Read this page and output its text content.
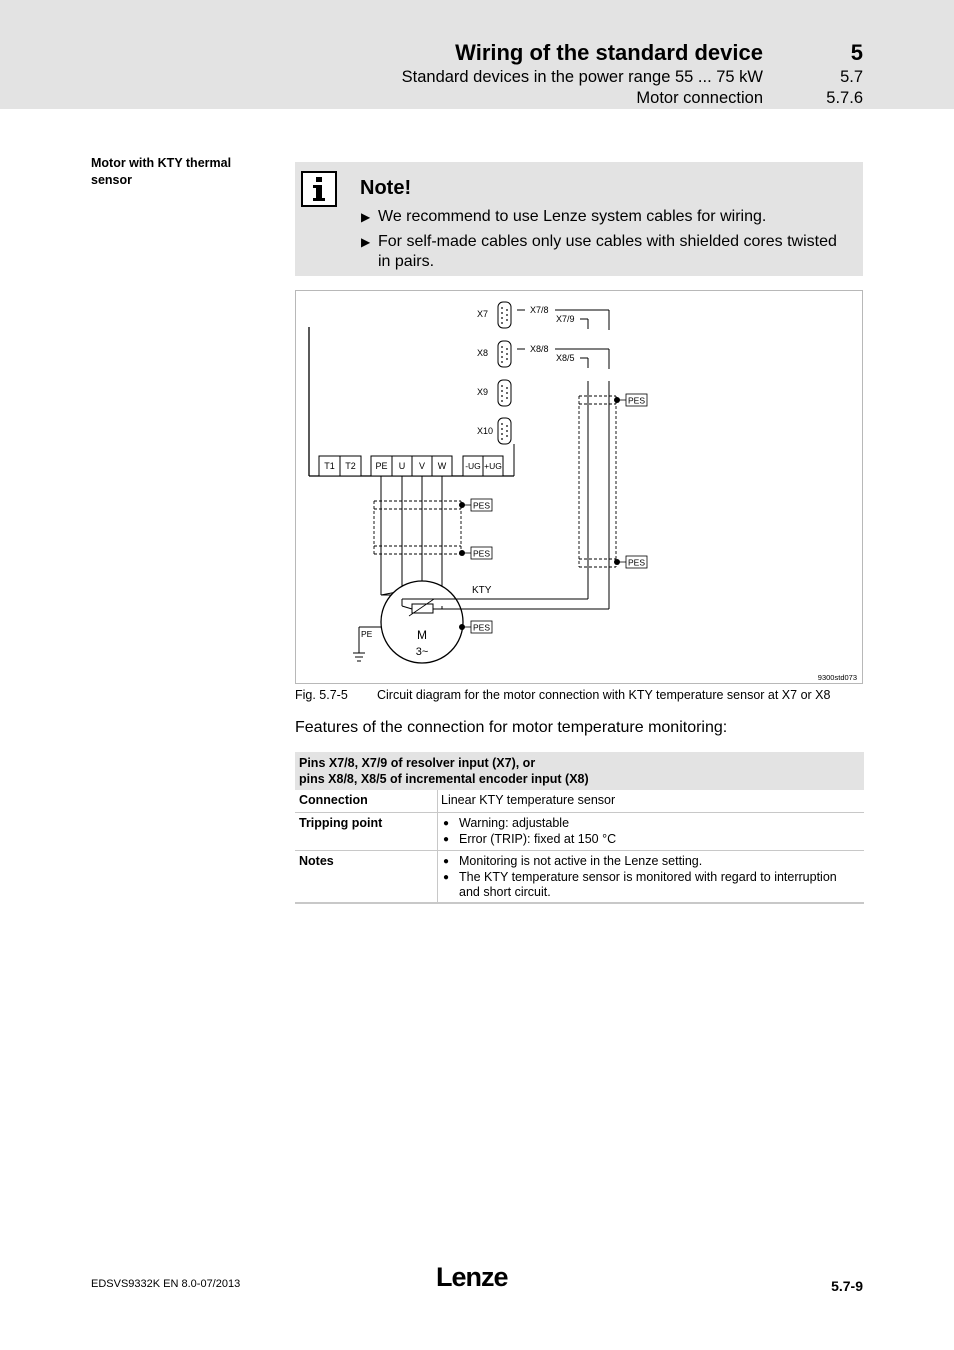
Wiring of the standard device	5
Standard devices in the power range 55 ... 75 kW	5.7
Motor connection	5.7.6
Motor with KTY thermal sensor	Note!
▶ We recommend to use Lenze system cables for wiring.
▶ For self-made cables only use cables with shielded cores twisted in pairs.
X7
X8
X9
X10
X7/8
X7/9
X8/8
X8/5
T1 T2 PE U V W -UG +UG
PES
PES
M
3~
KTY
PES
PE
PES
PES
9300std073
Fig. 5.7-5 Circuit diagram for the motor connection with KTY temperature sensor at X7 or X8
Features of the connection for motor temperature monitoring:
Pins X7/8, X7/9 of resolver input (X7), or
pins X8/8, X8/5 of incremental encoder input (X8)
Connection	Linear KTY temperature sensor
Tripping point	● Warning: adjustable
● Error (TRIP): fixed at 150 °C
Notes	● Monitoring is not active in the Lenze setting.
● The KTY temperature sensor is monitored with regard to interruption and short circuit.
EDSVS9332K EN 8.0-07/2013	Lenze	5.7-9
